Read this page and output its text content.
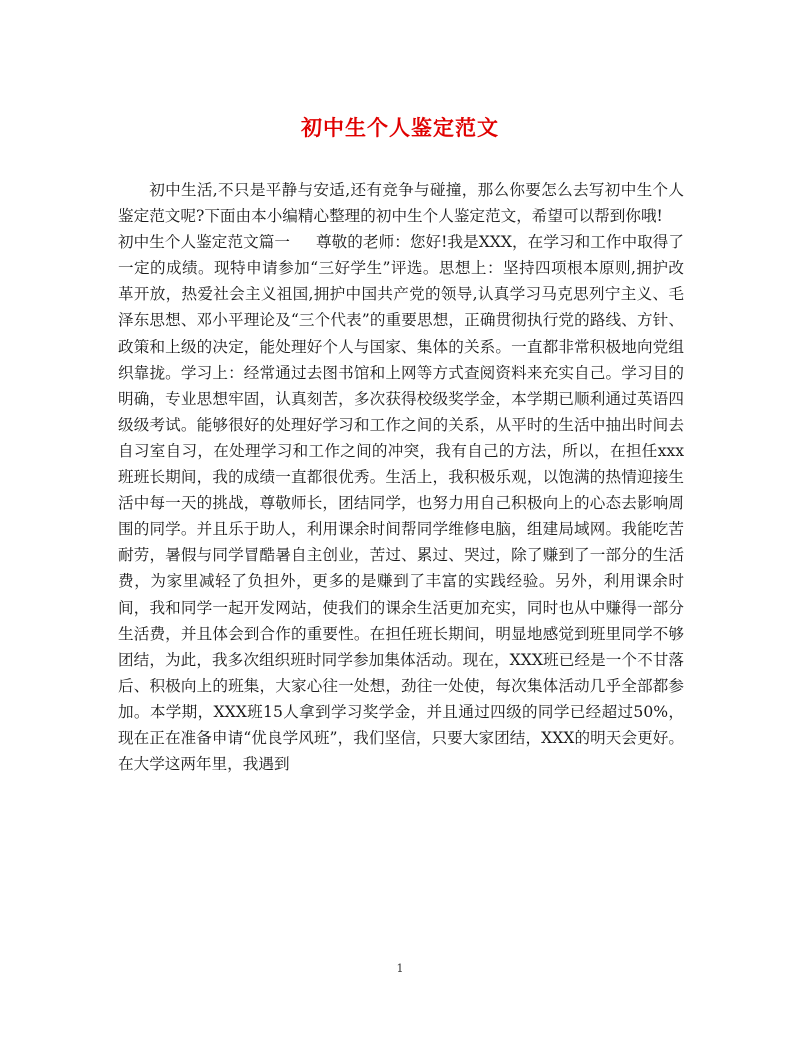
初中生个人鉴定范文

初中生活,不只是平静与安适,还有竞争与碰撞，那么你要怎么去写初中生个人鉴定范文呢?下面由本小编精心整理的初中生个人鉴定范文，希望可以帮到你哦!

初中生个人鉴定范文篇一 尊敬的老师：您好!我是XXX，在学习和工作中取得了一定的成绩。现特申请参加“三好学生”评选。思想上：坚持四项根本原则,拥护改革开放，热爱社会主义祖国,拥护中国共产党的领导,认真学习马克思列宁主义、毛泽东思想、邓小平理论及“三个代表”的重要思想，正确贯彻执行党的路线、方针、政策和上级的决定，能处理好个人与国家、集体的关系。一直都非常积极地向党组织靠拢。学习上：经常通过去图书馆和上网等方式查阅资料来充实自己。学习目的明确，专业思想牢固，认真刻苦，多次获得校级奖学金，本学期已顺利通过英语四级级考试。能够很好的处理好学习和工作之间的关系，从平时的生活中抽出时间去自习室自习，在处理学习和工作之间的冲突，我有自己的方法，所以，在担任xxx班班长期间，我的成绩一直都很优秀。生活上，我积极乐观，以饱满的热情迎接生活中每一天的挑战，尊敬师长，团结同学，也努力用自己积极向上的心态去影响周围的同学。并且乐于助人，利用课余时间帮同学维修电脑，组建局域网。我能吃苦耐劳，暑假与同学冒酷暑自主创业，苦过、累过、哭过，除了赚到了一部分的生活费，为家里减轻了负担外，更多的是赚到了丰富的实践经验。另外，利用课余时间，我和同学一起开发网站，使我们的课余生活更加充实，同时也从中赚得一部分生活费，并且体会到合作的重要性。在担任班长期间，明显地感觉到班里同学不够团结，为此，我多次组织班时同学参加集体活动。现在，XXX班已经是一个不甘落后、积极向上的班集，大家心往一处想，劲往一处使，每次集体活动几乎全部都参加。本学期，XXX班15人拿到学习奖学金，并且通过四级的同学已经超过50%，现在正在准备申请“优良学风班”，我们坚信，只要大家团结，XXX的明天会更好。 在大学这两年里，我遇到

1
